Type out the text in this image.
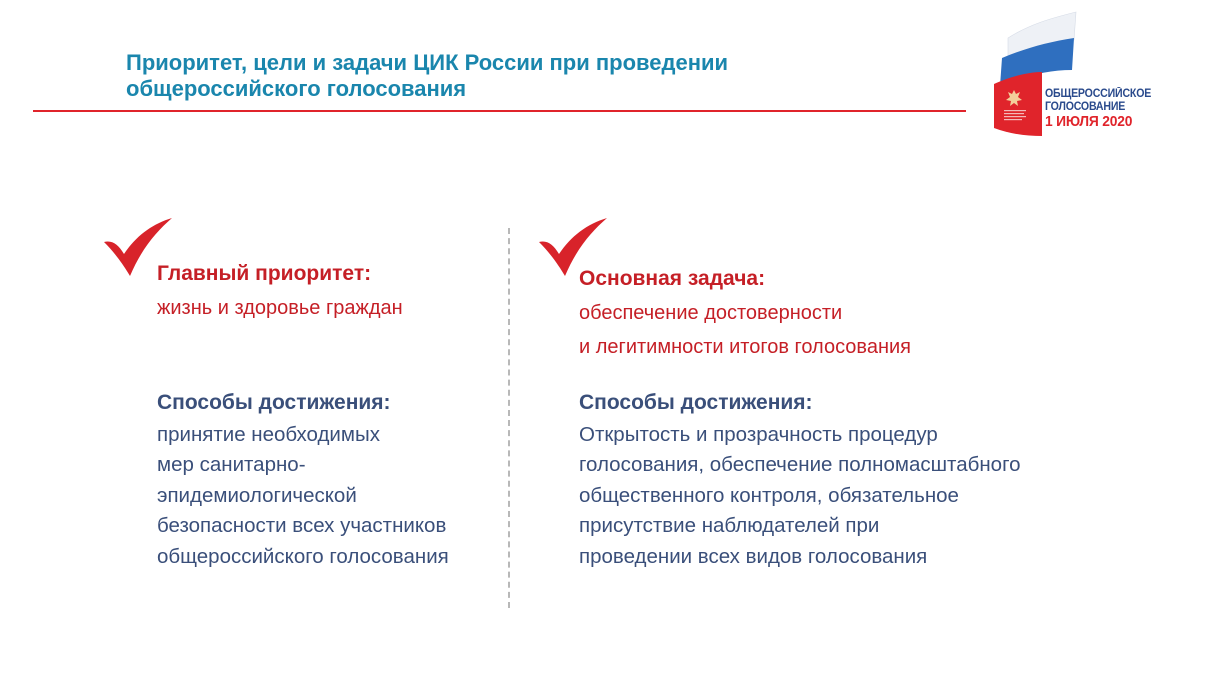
Приоритет, цели и задачи ЦИК России при проведении
общероссийского голосования	ОБЩЕРОССИЙСКОЕ
ГОЛОСОВАНИЕ
1 ИЮЛЯ 2020
Главный приоритет:
жизнь и здоровье граждан
Основная задача:
обеспечение достоверности
и легитимности итогов голосования
Способы достижения:
принятие необходимых
мер санитарно-
эпидемиологической
безопасности всех участников
общероссийского голосования
Способы достижения:
Открытость и прозрачность процедур
голосования, обеспечение полномасштабного
общественного контроля, обязательное
присутствие наблюдателей при
проведении всех видов голосования
